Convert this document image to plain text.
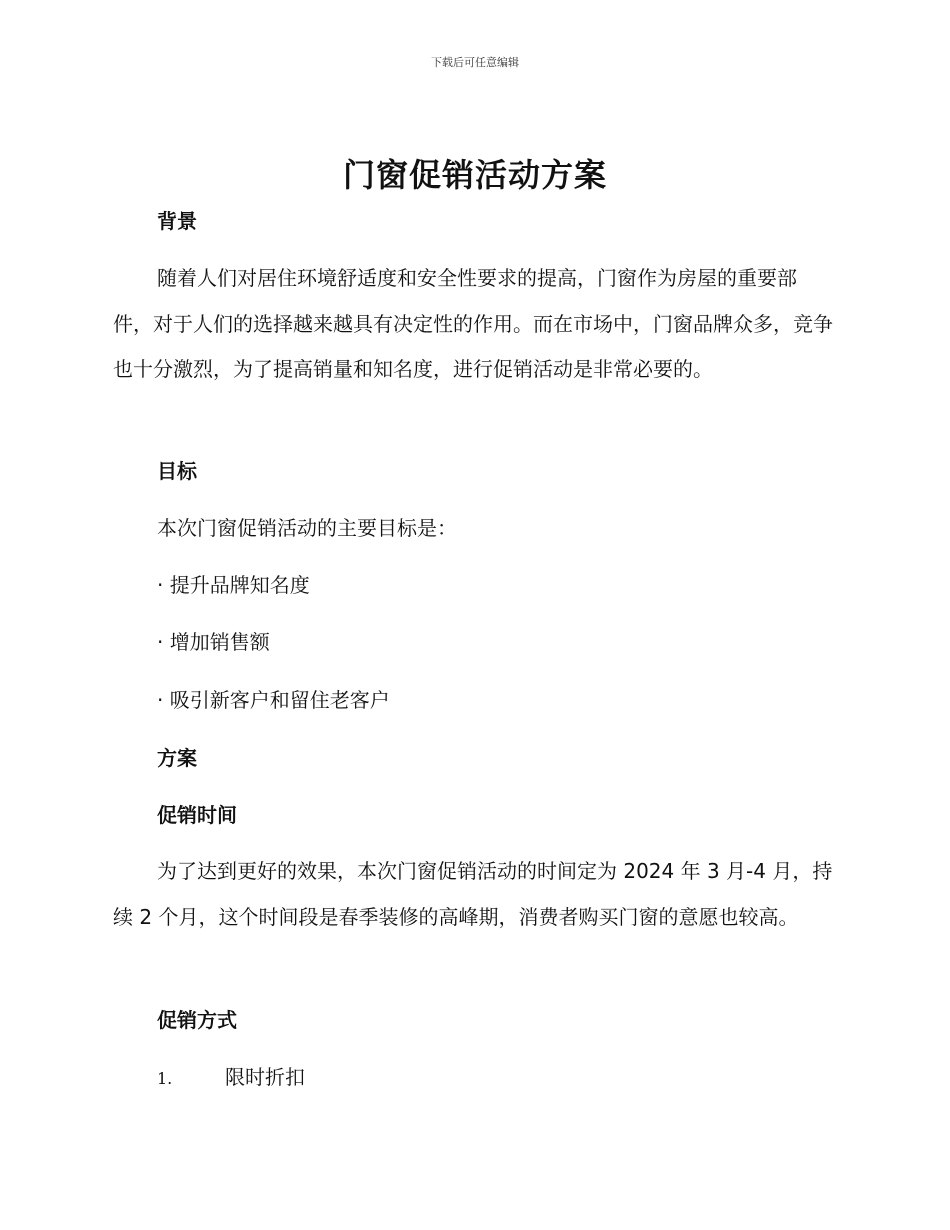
下载后可任意编辑
门窗促销活动方案
背景

随着人们对居住环境舒适度和安全性要求的提高，门窗作为房屋的重要部件，对于人们的选择越来越具有决定性的作用。而在市场中，门窗品牌众多，竞争也十分激烈，为了提高销量和知名度，进行促销活动是非常必要的。

目标

本次门窗促销活动的主要目标是：

· 提升品牌知名度

· 增加销售额

· 吸引新客户和留住老客户

方案
促销时间

为了达到更好的效果，本次门窗促销活动的时间定为 2024 年 3 月-4 月，持续 2 个月，这个时间段是春季装修的高峰期，消费者购买门窗的意愿也较高。

促销方式
1.	限时折扣
